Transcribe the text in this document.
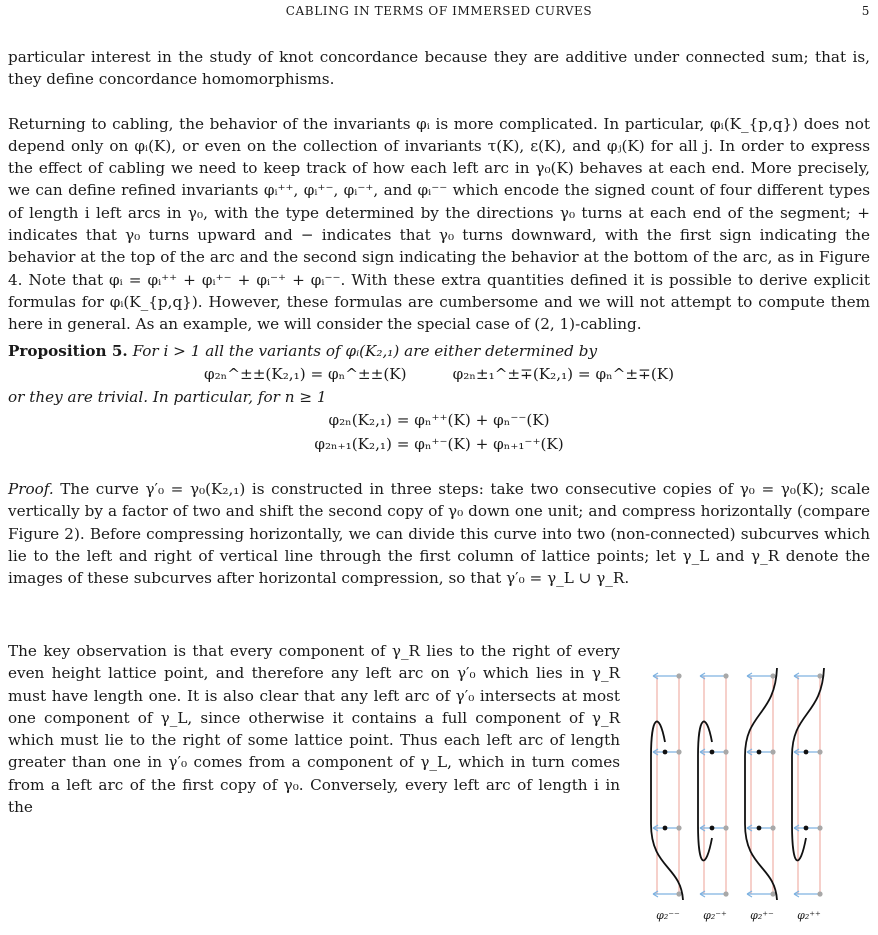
CABLING IN TERMS OF IMMERSED CURVES	5

particular interest in the study of knot concordance because they are additive under connected sum; that is, they define concordance homomorphisms.

Returning to cabling, the behavior of the invariants φᵢ is more complicated. In particular, φᵢ(K_{p,q}) does not depend only on φᵢ(K), or even on the collection of invariants τ(K), ε(K), and φⱼ(K) for all j. In order to express the effect of cabling we need to keep track of how each left arc in γ₀(K) behaves at each end. More precisely, we can define refined invariants φᵢ⁺⁺, φᵢ⁺⁻, φᵢ⁻⁺, and φᵢ⁻⁻ which encode the signed count of four different types of length i left arcs in γ₀, with the type determined by the directions γ₀ turns at each end of the segment; + indicates that γ₀ turns upward and − indicates that γ₀ turns downward, with the first sign indicating the behavior at the top of the arc and the second sign indicating the behavior at the bottom of the arc, as in Figure 4. Note that φᵢ = φᵢ⁺⁺ + φᵢ⁺⁻ + φᵢ⁻⁺ + φᵢ⁻⁻. With these extra quantities defined it is possible to derive explicit formulas for φᵢ(K_{p,q}). However, these formulas are cumbersome and we will not attempt to compute them here in general. As an example, we will consider the special case of (2, 1)-cabling.

Proposition 5. For i > 1 all the variants of φᵢ(K₂,₁) are either determined by

φ₂ₙ^±±(K₂,₁) = φₙ^±±(K)	φ₂ₙ±₁^±∓(K₂,₁) = φₙ^±∓(K)

or they are trivial. In particular, for n ≥ 1

φ₂ₙ(K₂,₁) = φₙ⁺⁺(K) + φₙ⁻⁻(K)

φ₂ₙ₊₁(K₂,₁) = φₙ⁺⁻(K) + φₙ₊₁⁻⁺(K)

Proof. The curve γ′₀ = γ₀(K₂,₁) is constructed in three steps: take two consecutive copies of γ₀ = γ₀(K); scale vertically by a factor of two and shift the second copy of γ₀ down one unit; and compress horizontally (compare Figure 2). Before compressing horizontally, we can divide this curve into two (non-connected) subcurves which lie to the left and right of vertical line through the first column of lattice points; let γ_L and γ_R denote the images of these subcurves after horizontal compression, so that γ′₀ = γ_L ∪ γ_R.

The key observation is that every component of γ_R lies to the right of every even height lattice point, and therefore any left arc on γ′₀ which lies in γ_R must have length one. It is also clear that any left arc of γ′₀ intersects at most one component of γ_L, since otherwise it contains a full component of γ_R which must lie to the right of some lattice point. Thus each left arc of length greater than one in γ′₀ comes from a component of γ_L, which in turn comes from a left arc of the first copy of γ₀. Conversely, every left arc of length i in the

φ₂⁻⁻	φ₂⁻⁺	φ₂⁺⁻	φ₂⁺⁺
